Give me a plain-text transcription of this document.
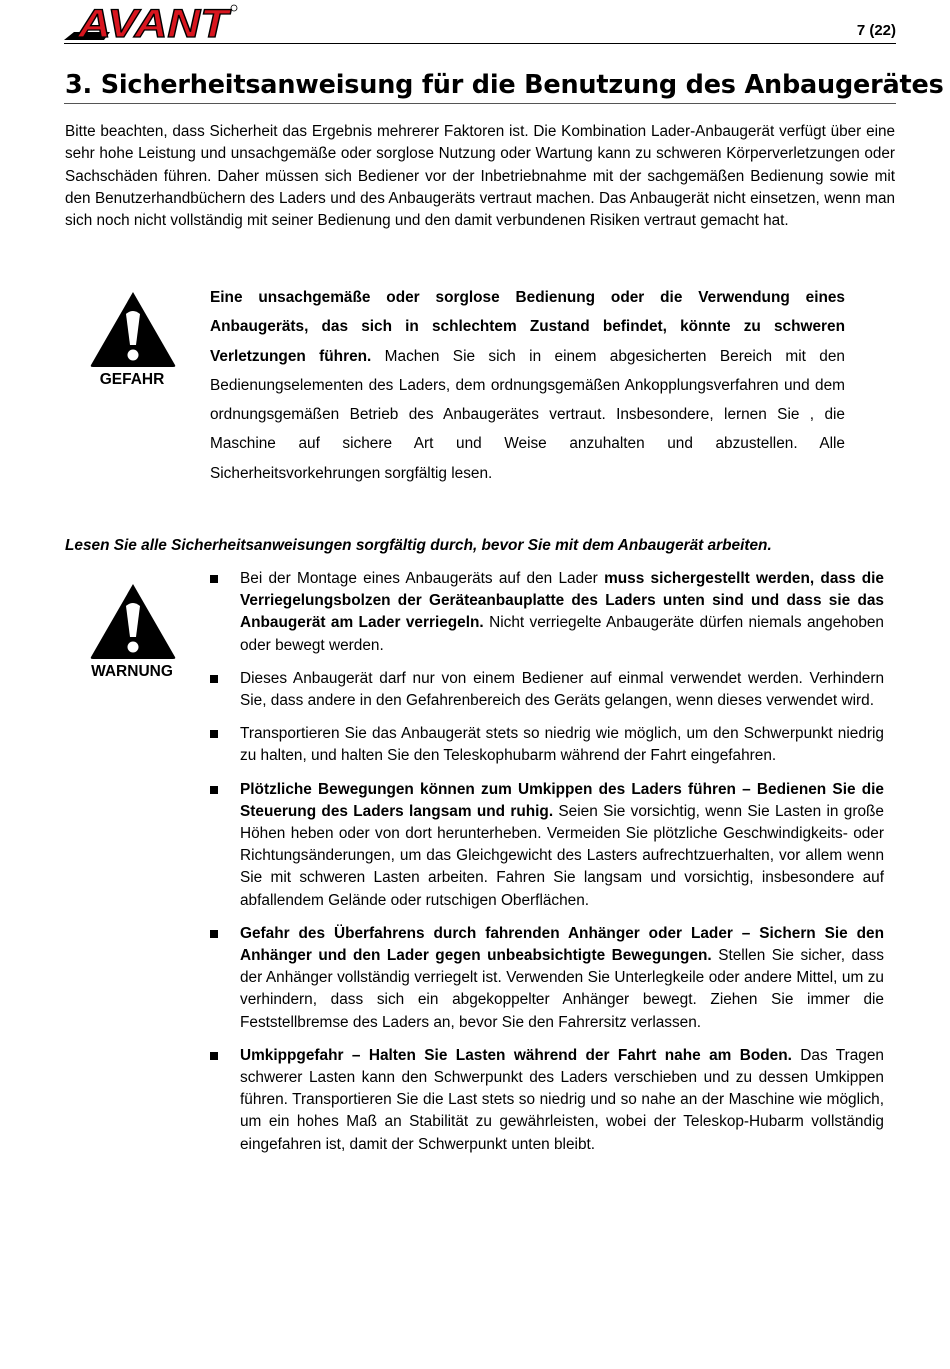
AVANT	7 (22)
3. Sicherheitsanweisung für die Benutzung des Anbaugerätes

Bitte beachten, dass Sicherheit das Ergebnis mehrerer Faktoren ist. Die Kombination Lader-Anbaugerät verfügt über eine sehr hohe Leistung und unsachgemäße oder sorglose Nutzung oder Wartung kann zu schweren Körperverletzungen oder Sachschäden führen. Daher müssen sich Bediener vor der Inbetriebnahme mit der sachgemäßen Bedienung sowie mit den Benutzerhandbüchern des Laders und des Anbaugeräts vertraut machen. Das Anbaugerät nicht einsetzen, wenn man sich noch nicht vollständig mit seiner Bedienung und den damit verbundenen Risiken vertraut gemacht hat.

GEFAHR

Eine unsachgemäße oder sorglose Bedienung oder die Verwendung eines Anbaugeräts, das sich in schlechtem Zustand befindet, könnte zu schweren Verletzungen führen. Machen Sie sich in einem abgesicherten Bereich mit den Bedienungselementen des Laders, dem ordnungsgemäßen Ankopplungsverfahren und dem ordnungsgemäßen Betrieb des Anbaugerätes vertraut. Insbesondere, lernen Sie , die Maschine auf sichere Art und Weise anzuhalten und abzustellen. Alle Sicherheitsvorkehrungen sorgfältig lesen.

Lesen Sie alle Sicherheitsanweisungen sorgfältig durch, bevor Sie mit dem Anbaugerät arbeiten.

WARNUNG
Bei der Montage eines Anbaugeräts auf den Lader muss sichergestellt werden, dass die Verriegelungsbolzen der Geräteanbauplatte des Laders unten sind und dass sie das Anbaugerät am Lader verriegeln. Nicht verriegelte Anbaugeräte dürfen niemals angehoben oder bewegt werden.
Dieses Anbaugerät darf nur von einem Bediener auf einmal verwendet werden. Verhindern Sie, dass andere in den Gefahrenbereich des Geräts gelangen, wenn dieses verwendet wird.
Transportieren Sie das Anbaugerät stets so niedrig wie möglich, um den Schwerpunkt niedrig zu halten, und halten Sie den Teleskophubarm während der Fahrt eingefahren.
Plötzliche Bewegungen können zum Umkippen des Laders führen – Bedienen Sie die Steuerung des Laders langsam und ruhig. Seien Sie vorsichtig, wenn Sie Lasten in große Höhen heben oder von dort herunterheben. Vermeiden Sie plötzliche Geschwindigkeits- oder Richtungsänderungen, um das Gleichgewicht des Lasters aufrechtzuerhalten, vor allem wenn Sie mit schweren Lasten arbeiten. Fahren Sie langsam und vorsichtig, insbesondere auf abfallendem Gelände oder rutschigen Oberflächen.
Gefahr des Überfahrens durch fahrenden Anhänger oder Lader – Sichern Sie den Anhänger und den Lader gegen unbeabsichtigte Bewegungen. Stellen Sie sicher, dass der Anhänger vollständig verriegelt ist. Verwenden Sie Unterlegkeile oder andere Mittel, um zu verhindern, dass sich ein abgekoppelter Anhänger bewegt. Ziehen Sie immer die Feststellbremse des Laders an, bevor Sie den Fahrersitz verlassen.
Umkippgefahr – Halten Sie Lasten während der Fahrt nahe am Boden. Das Tragen schwerer Lasten kann den Schwerpunkt des Laders verschieben und zu dessen Umkippen führen. Transportieren Sie die Last stets so niedrig und so nahe an der Maschine wie möglich, um ein hohes Maß an Stabilität zu gewährleisten, wobei der Teleskop-Hubarm vollständig eingefahren ist, damit der Schwerpunkt unten bleibt.
